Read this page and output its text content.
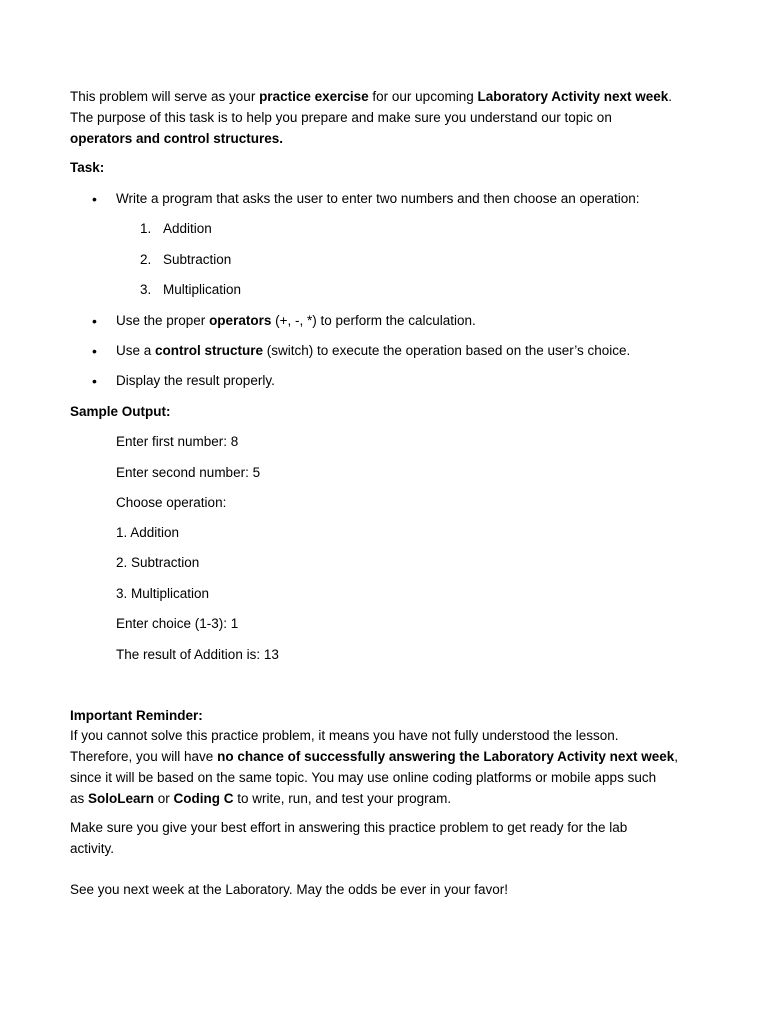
This problem will serve as your practice exercise for our upcoming Laboratory Activity next week.
The purpose of this task is to help you prepare and make sure you understand our topic on
operators and control structures.
Task:
• Write a program that asks the user to enter two numbers and then choose an operation:
1. Addition
2. Subtraction
3. Multiplication
• Use the proper operators (+, -, *) to perform the calculation.
• Use a control structure (switch) to execute the operation based on the user’s choice.
• Display the result properly.
Sample Output:
Enter first number: 8
Enter second number: 5
Choose operation:
1. Addition
2. Subtraction
3. Multiplication
Enter choice (1-3): 1
The result of Addition is: 13
Important Reminder:
If you cannot solve this practice problem, it means you have not fully understood the lesson.
Therefore, you will have no chance of successfully answering the Laboratory Activity next week,
since it will be based on the same topic. You may use online coding platforms or mobile apps such
as SoloLearn or Coding C to write, run, and test your program.
Make sure you give your best effort in answering this practice problem to get ready for the lab
activity.
See you next week at the Laboratory. May the odds be ever in your favor!
